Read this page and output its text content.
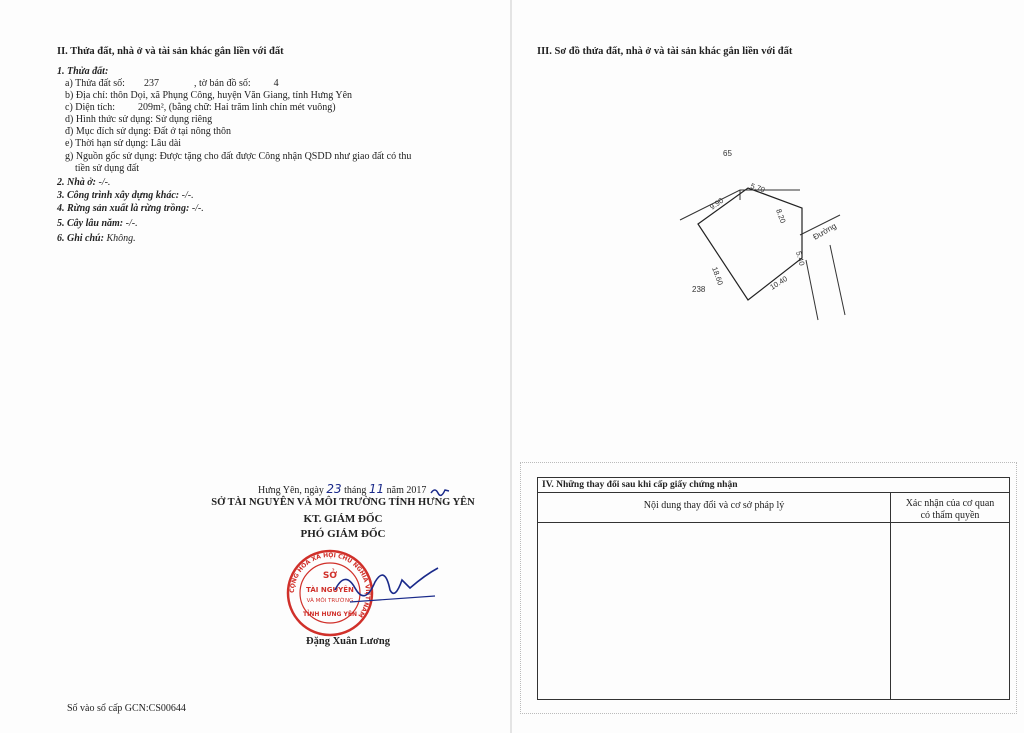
II. Thửa đất, nhà ở và tài sản khác gắn liền với đất
1. Thửa đất:
a) Thửa đất số: 237	, tờ bản đồ số: 4
b) Địa chỉ: thôn Dọi, xã Phụng Công, huyện Văn Giang, tỉnh Hưng Yên
c) Diện tích: 209m², (bằng chữ: Hai trăm linh chín mét vuông)
d) Hình thức sử dụng: Sử dụng riêng
đ) Mục đích sử dụng: Đất ở tại nông thôn
e) Thời hạn sử dụng: Lâu dài
g) Nguồn gốc sử dụng: Được tặng cho đất được Công nhận QSDD như giao đất có thu
tiền sử dụng đất
2. Nhà ở: -/-.
3. Công trình xây dựng khác: -/-.
4. Rừng sản xuất là rừng trồng: -/-.
5. Cây lâu năm: -/-.
6. Ghi chú: Không.
Hưng Yên, ngày 23 tháng 11 năm 2017
SỞ TÀI NGUYÊN VÀ MÔI TRƯỜNG TỈNH HƯNG YÊN
KT. GIÁM ĐỐC
PHÓ GIÁM ĐỐC
CỘNG HÒA XÃ HỘI CHỦ NGHĨA VIỆT NAM
SỞ
TÀI NGUYÊN
VÀ MÔI TRƯỜNG
TỈNH HƯNG YÊN
Đặng Xuân Lương
Số vào sổ cấp GCN:CS00644
III. Sơ đồ thửa đất, nhà ở và tài sản khác gắn liền với đất
65
238
Đường
9.90
5.70
8.20
5.40
10.40
18.60
IV. Những thay đổi sau khi cấp giấy chứng nhận
Nội dung thay đổi và cơ sở pháp lý	Xác nhận của cơ quan
có thẩm quyền
